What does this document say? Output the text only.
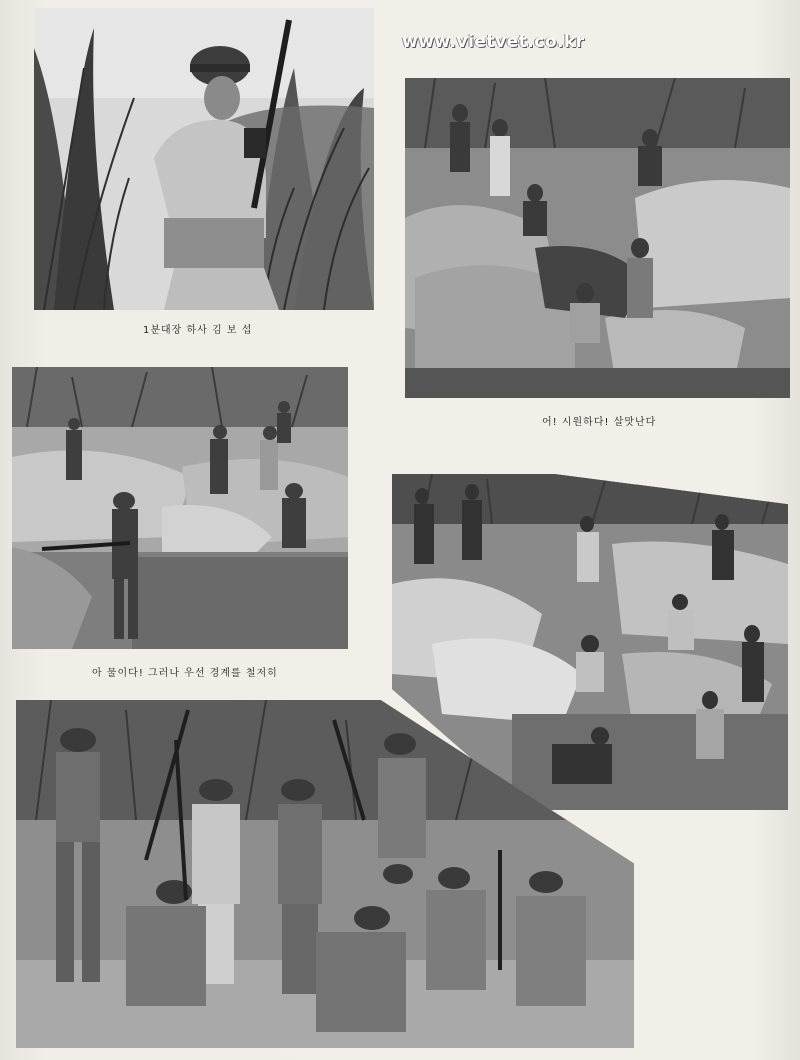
1분대장 하사 김 보 섭
www.vietvet.co.kr
어! 시원하다! 살맛난다
아 물이다! 그러나 우선 경계를 철저히
